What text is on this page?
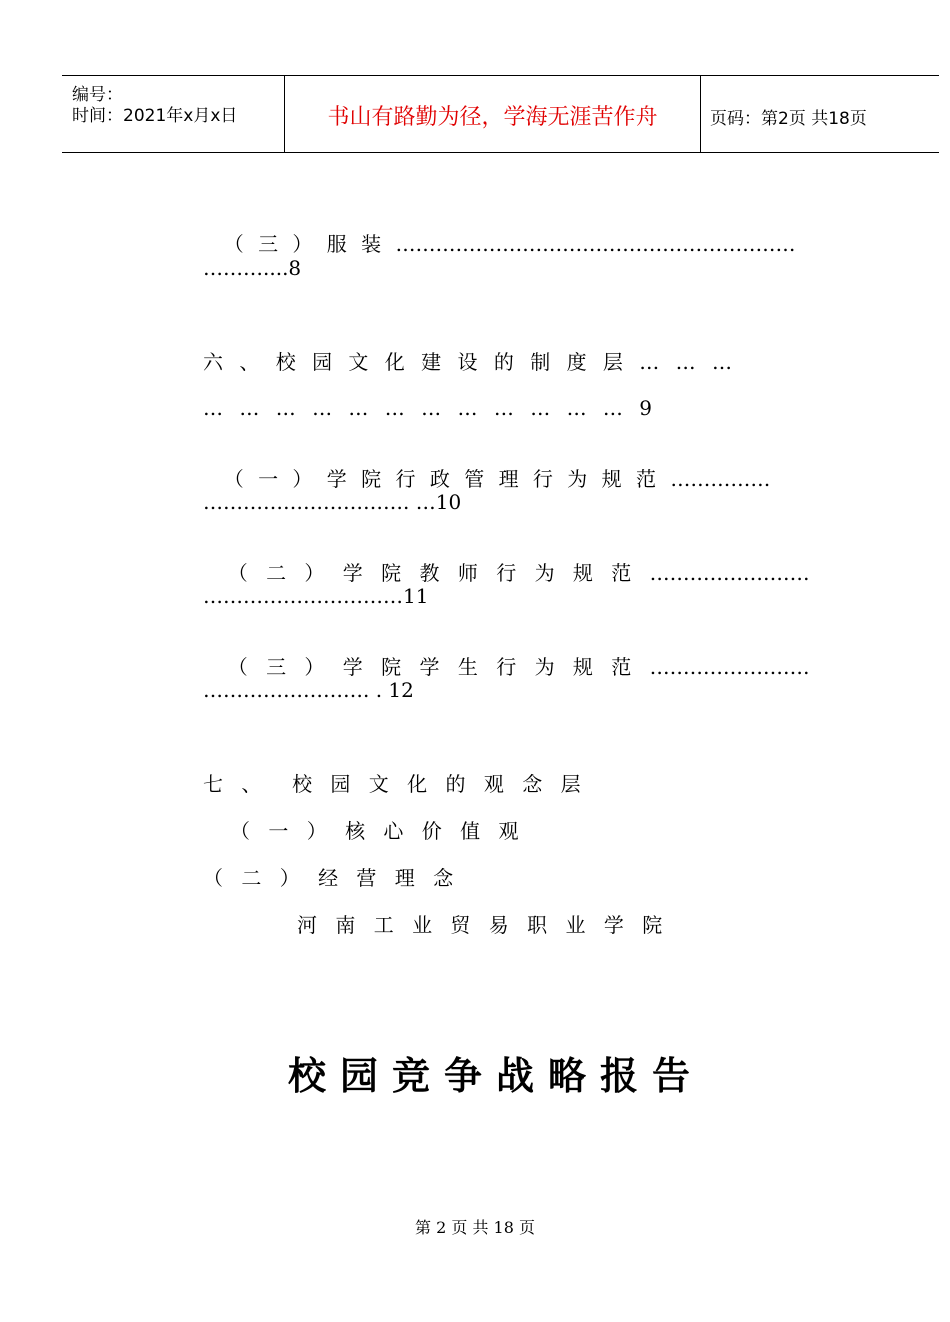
编号：
时间：2021年x月x日	书山有路勤为径，学海无涯苦作舟	页码：第2页 共18页

（ 三 ） 服 装 ……………………………………………………

………....8
六 、 校 园 文 化 建 设 的 制 度 层 … … …
… … … … … … … … … … … … 9

（ 一 ） 学 院 行 政 管 理 行 为 规 范 ……………

…………………………. …10

（ 二 ） 学 院 教 师 行 为 规 范 ……………………

…………………………11

（ 三 ） 学 院 学 生 行 为 规 范 ……………………

……………………. . 12
七 、  校 园 文 化 的 观 念 层
（ 一 ） 核 心 价 值 观
（ 二 ） 经 营 理 念
河 南 工 业 贸 易 职 业 学 院
校园竞争战略报告
第 2 页 共 18 页
